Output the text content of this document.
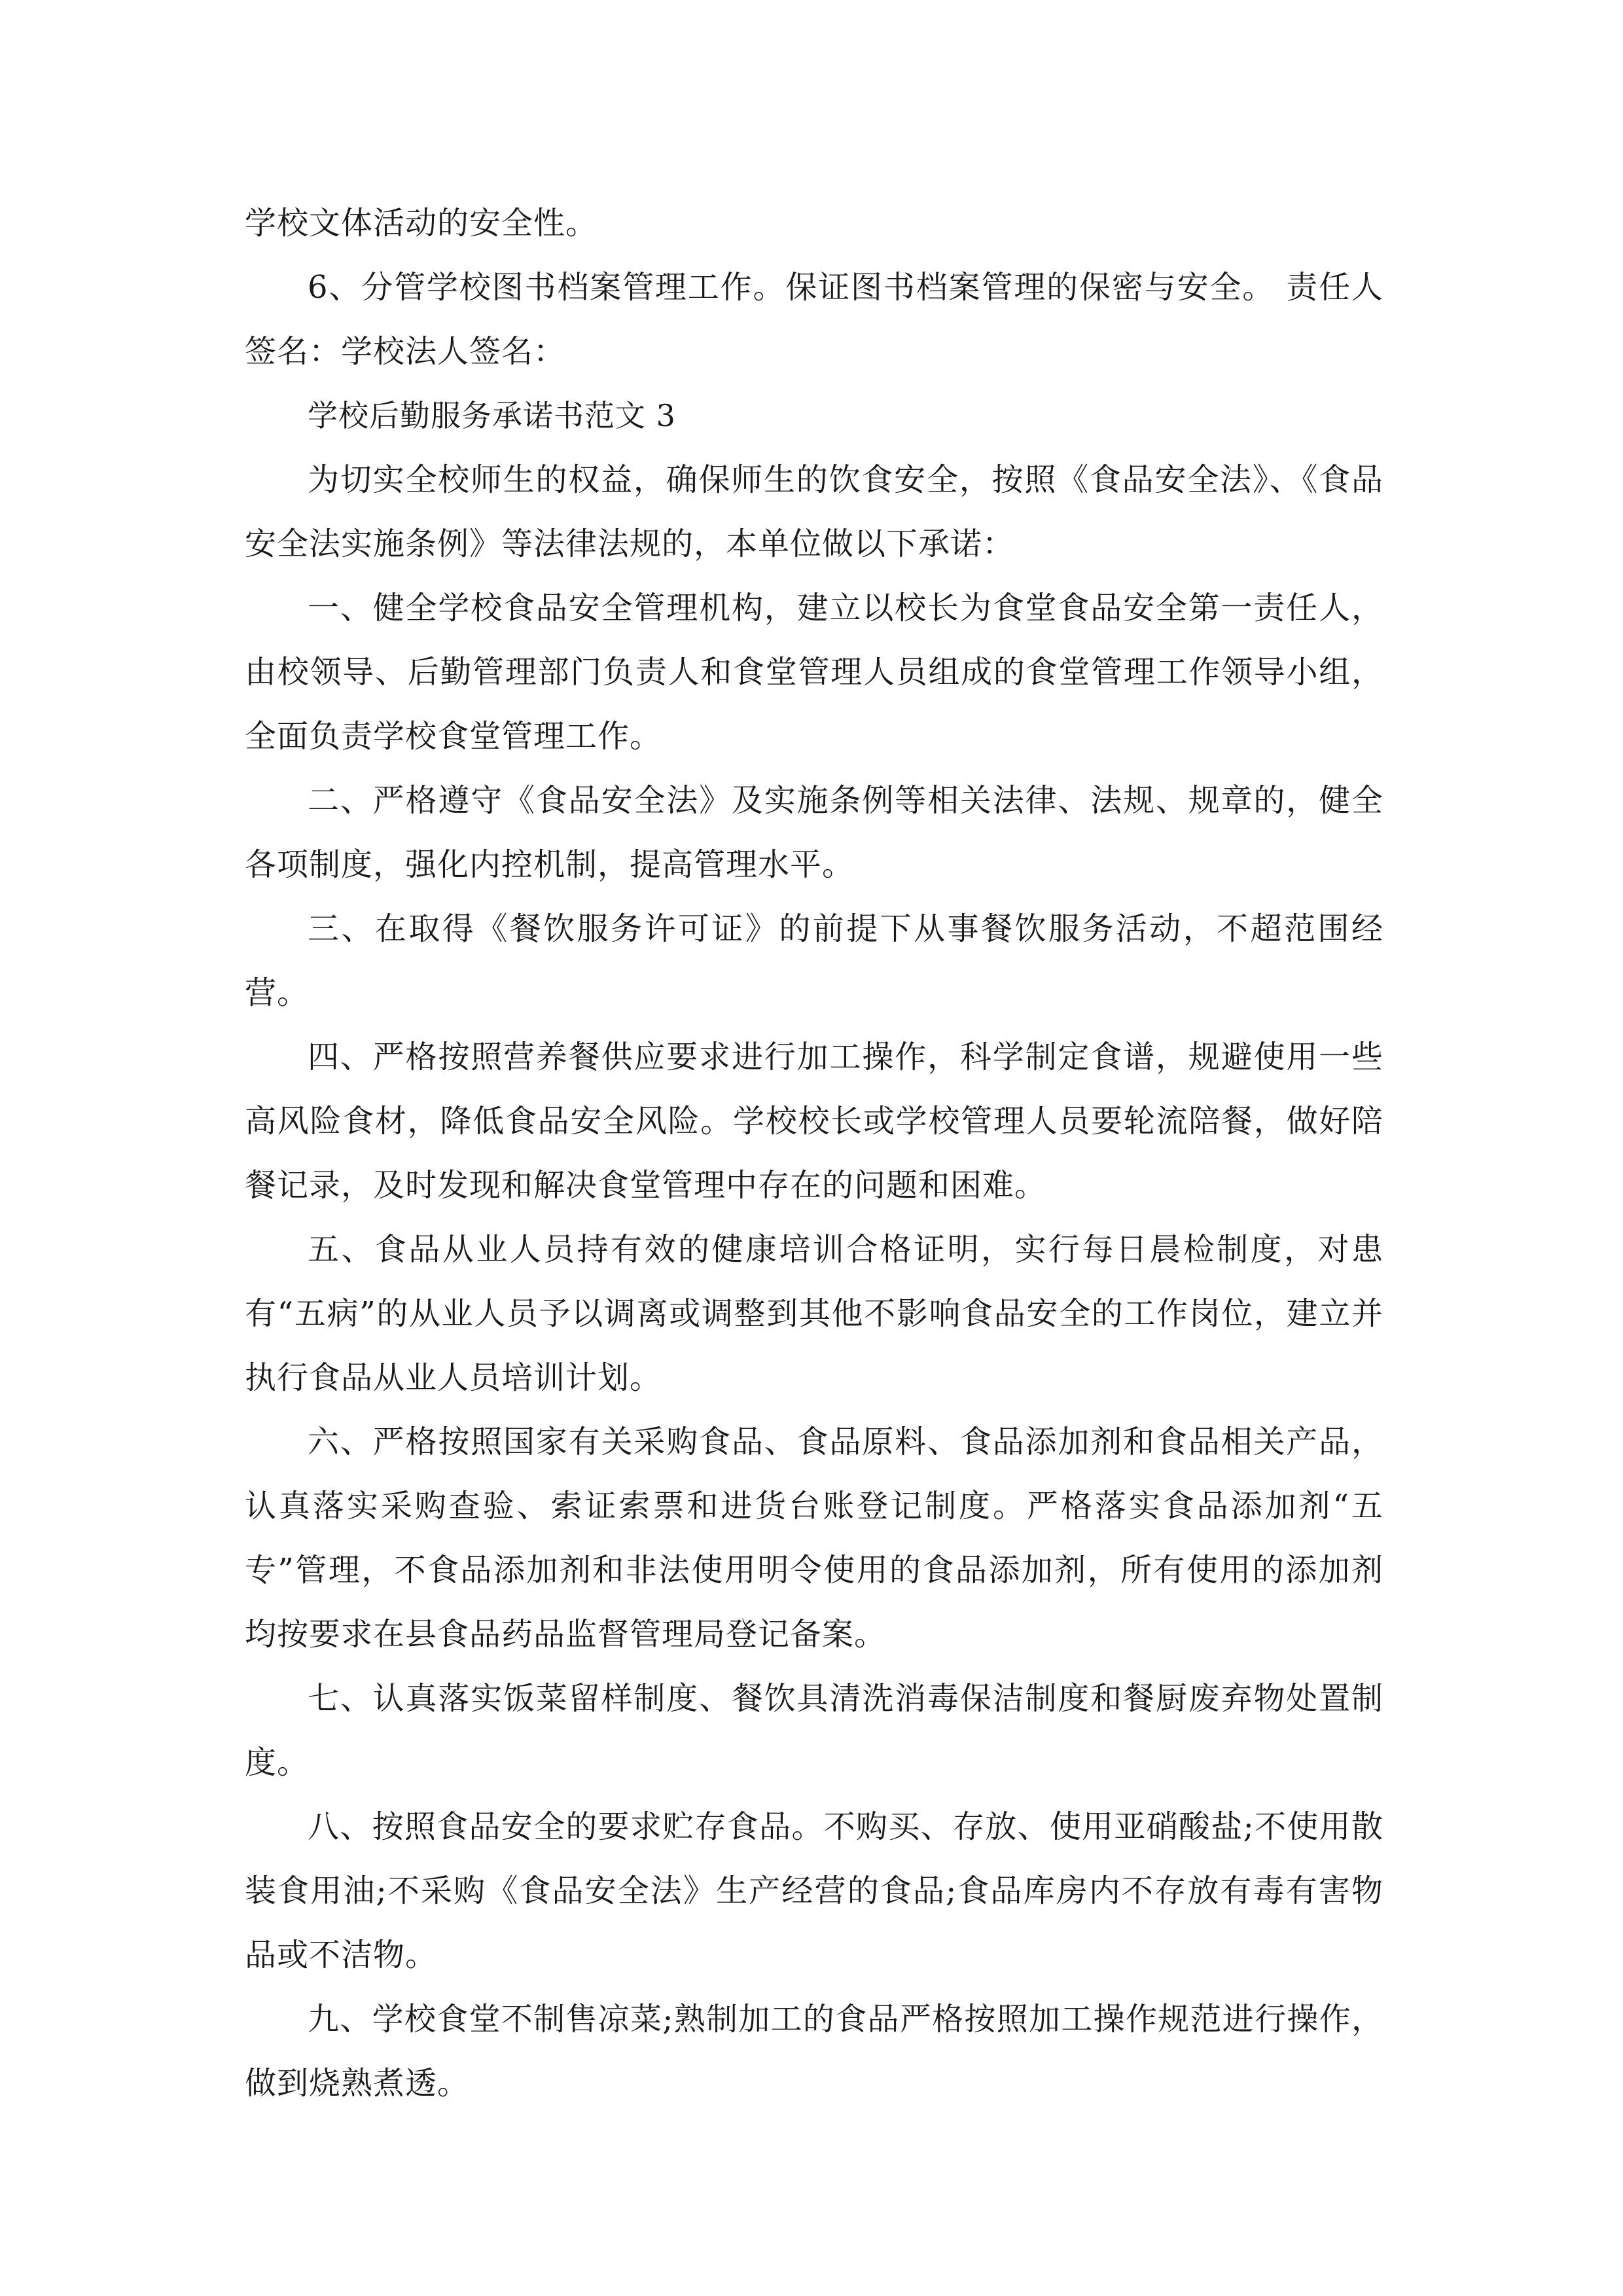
学校文体活动的安全性。

6、分管学校图书档案管理工作。保证图书档案管理的保密与安全。 责任人签名：学校法人签名：

学校后勤服务承诺书范文 3

为切实全校师生的权益，确保师生的饮食安全，按照《食品安全法》、《食品安全法实施条例》等法律法规的，本单位做以下承诺：

一、健全学校食品安全管理机构，建立以校长为食堂食品安全第一责任人，由校领导、后勤管理部门负责人和食堂管理人员组成的食堂管理工作领导小组，全面负责学校食堂管理工作。

二、严格遵守《食品安全法》及实施条例等相关法律、法规、规章的，健全各项制度，强化内控机制，提高管理水平。

三、在取得《餐饮服务许可证》的前提下从事餐饮服务活动，不超范围经营。

四、严格按照营养餐供应要求进行加工操作，科学制定食谱，规避使用一些高风险食材，降低食品安全风险。学校校长或学校管理人员要轮流陪餐，做好陪餐记录，及时发现和解决食堂管理中存在的问题和困难。

五、食品从业人员持有效的健康培训合格证明，实行每日晨检制度，对患有“五病”的从业人员予以调离或调整到其他不影响食品安全的工作岗位，建立并执行食品从业人员培训计划。

六、严格按照国家有关采购食品、食品原料、食品添加剂和食品相关产品，认真落实采购查验、索证索票和进货台账登记制度。严格落实食品添加剂“五专”管理，不食品添加剂和非法使用明令使用的食品添加剂，所有使用的添加剂均按要求在县食品药品监督管理局登记备案。

七、认真落实饭菜留样制度、餐饮具清洗消毒保洁制度和餐厨废弃物处置制度。

八、按照食品安全的要求贮存食品。不购买、存放、使用亚硝酸盐;不使用散装食用油;不采购《食品安全法》生产经营的食品;食品库房内不存放有毒有害物品或不洁物。

九、学校食堂不制售凉菜;熟制加工的食品严格按照加工操作规范进行操作，做到烧熟煮透。
